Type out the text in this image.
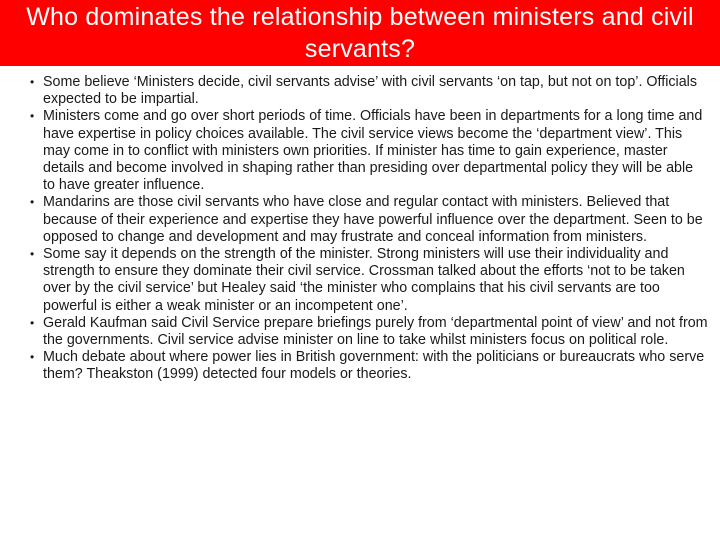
Who dominates the relationship between ministers and civil servants?
• Some believe ‘Ministers decide, civil servants advise’ with civil servants ‘on tap, but not on top’. Officials expected to be impartial.
• Ministers come and go over short periods of time. Officials have been in departments for a long time and have expertise in policy choices available. The civil service views become the ‘department view’. This may come in to conflict with ministers own priorities. If minister has time to gain experience, master details and become involved in shaping rather than presiding over departmental policy they will be able to have greater influence.
• Mandarins are those civil servants who have close and regular contact with ministers. Believed that because of their experience and expertise they have powerful influence over the department. Seen to be opposed to change and development and may frustrate and conceal information from ministers.
• Some say it depends on the strength of the minister. Strong ministers will use their individuality and strength to ensure they dominate their civil service. Crossman talked about the efforts ‘not to be taken over by the civil service’ but Healey said ‘the minister who complains that his civil servants are too powerful is either a weak minister or an incompetent one’.
• Gerald Kaufman said Civil Service prepare briefings purely from ‘departmental point of view’ and not from the governments. Civil service advise minister on line to take whilst ministers focus on political role.
• Much debate about where power lies in British government: with the politicians or bureaucrats who serve them? Theakston (1999) detected four models or theories.
